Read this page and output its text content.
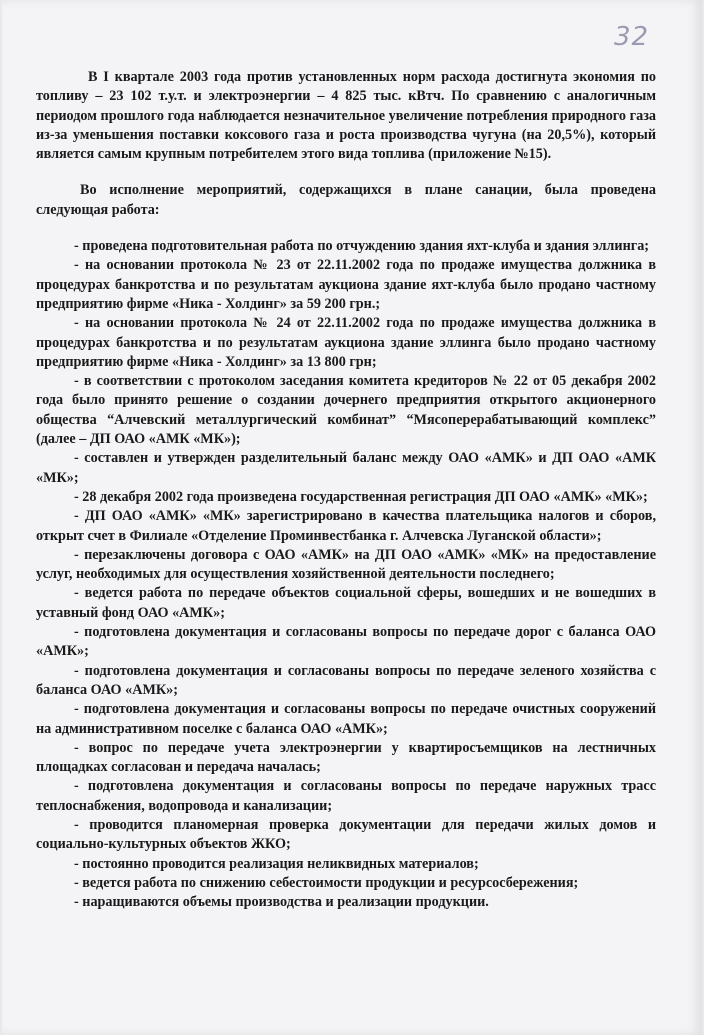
32

В I квартале 2003 года против установленных норм расхода достигнута экономия по топливу – 23 102 т.у.т. и электроэнергии – 4 825 тыс. кВтч. По сравнению с аналогичным периодом прошлого года наблюдается незначительное увеличение потребления природного газа из-за уменьшения поставки коксового газа и роста производства чугуна (на 20,5%), который является самым крупным потребителем этого вида топлива (приложение №15).

Во исполнение мероприятий, содержащихся в плане санации, была проведена следующая работа:

- проведена подготовительная работа по отчуждению здания яхт-клуба и здания эллинга;

- на основании протокола № 23 от 22.11.2002 года по продаже имущества должника в процедурах банкротства и по результатам аукциона здание яхт-клуба было продано частному предприятию фирме «Ника - Холдинг» за 59 200 грн.;

- на основании протокола № 24 от 22.11.2002 года по продаже имущества должника в процедурах банкротства и по результатам аукциона здание эллинга было продано частному предприятию фирме «Ника - Холдинг» за 13 800 грн;

- в соответствии с протоколом заседания комитета кредиторов № 22 от 05 декабря 2002 года было принято решение о создании дочернего предприятия открытого акционерного общества “Алчевский металлургический комбинат” “Мясоперерабатывающий комплекс” (далее – ДП ОАО «АМК «МК»);

- составлен и утвержден разделительный баланс между ОАО «АМК» и ДП ОАО «АМК «МК»;

- 28 декабря 2002 года произведена государственная регистрация ДП ОАО «АМК» «МК»;

- ДП ОАО «АМК» «МК» зарегистрировано в качества плательщика налогов и сборов, открыт счет в Филиале «Отделение Проминвестбанка г. Алчевска Луганской области»;

- перезаключены договора с ОАО «АМК» на ДП ОАО «АМК» «МК» на предоставление услуг, необходимых для осуществления хозяйственной деятельности последнего;

- ведется работа по передаче объектов социальной сферы, вошедших и не вошедших в уставный фонд ОАО «АМК»;

- подготовлена документация и согласованы вопросы по передаче дорог с баланса ОАО «АМК»;

- подготовлена документация и согласованы вопросы по передаче зеленого хозяйства с баланса ОАО «АМК»;

- подготовлена документация и согласованы вопросы по передаче очистных сооружений на административном поселке с баланса ОАО «АМК»;

- вопрос по передаче учета электроэнергии у квартиросъемщиков на лестничных площадках согласован и передача началась;

- подготовлена документация и согласованы вопросы по передаче наружных трасс теплоснабжения, водопровода и канализации;

- проводится планомерная проверка документации для передачи жилых домов и социально-культурных объектов ЖКО;

- постоянно проводится реализация неликвидных материалов;

- ведется работа по снижению себестоимости продукции и ресурсосбережения;

- наращиваются объемы производства и реализации продукции.
